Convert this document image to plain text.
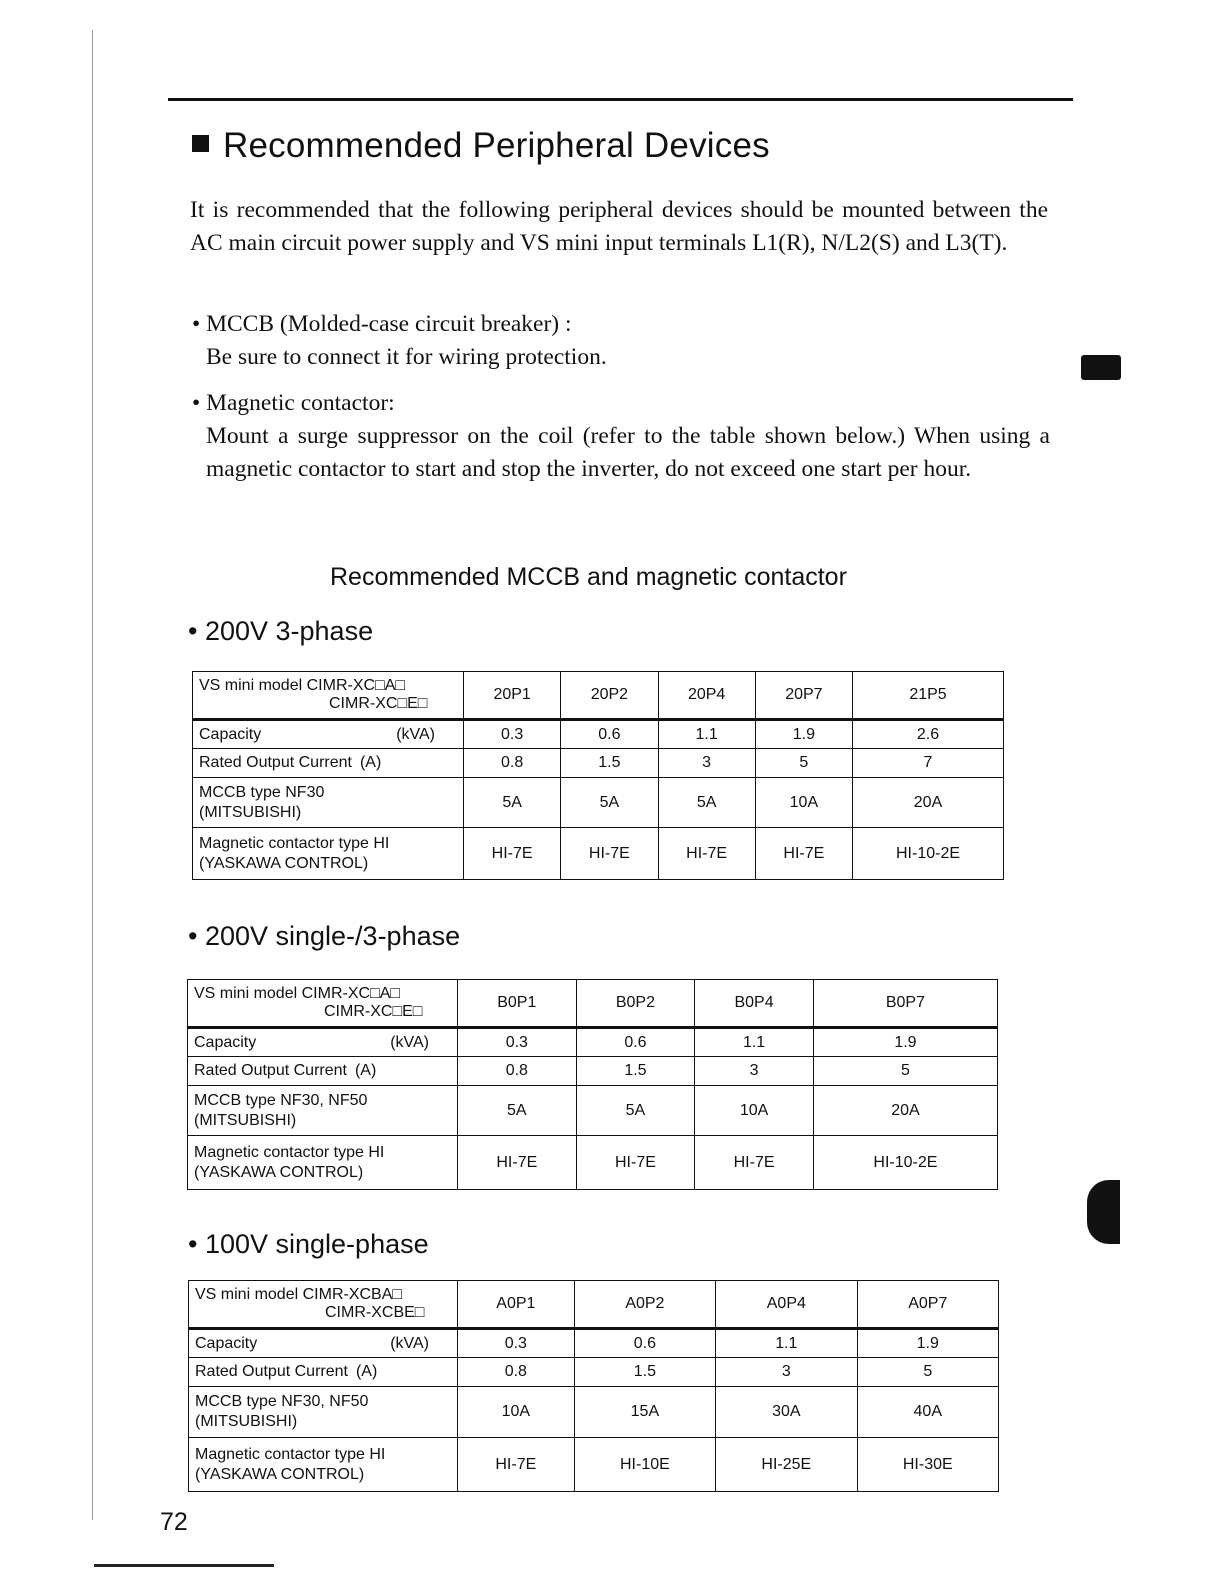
Recommended Peripheral Devices
It is recommended that the following peripheral devices should be mounted between the AC main circuit power supply and VS mini input terminals L1(R), N/L2(S) and L3(T).
• MCCB (Molded-case circuit breaker) :
Be sure to connect it for wiring protection.
• Magnetic contactor:
Mount a surge suppressor on the coil (refer to the table shown below.) When using a magnetic contactor to start and stop the inverter, do not exceed one start per hour.
Recommended MCCB and magnetic contactor
• 200V 3-phase
VS mini model CIMR-XC□A□
CIMR-XC□E□	20P1	20P2	20P4	20P7	21P5
Capacity (kVA)	0.3	0.6	1.1	1.9	2.6
Rated Output Current (A)	0.8	1.5	3	5	7

MCCB type NF30
(MITSUBISHI)	5A	5A	5A	10A	20A

Magnetic contactor type HI
(YASKAWA CONTROL)	HI-7E	HI-7E	HI-7E	HI-7E	HI-10-2E
• 200V single-/3-phase
VS mini model CIMR-XC□A□
CIMR-XC□E□	B0P1	B0P2	B0P4	B0P7
Capacity (kVA)	0.3	0.6	1.1	1.9
Rated Output Current (A)	0.8	1.5	3	5

MCCB type NF30, NF50
(MITSUBISHI)	5A	5A	10A	20A

Magnetic contactor type HI
(YASKAWA CONTROL)	HI-7E	HI-7E	HI-7E	HI-10-2E
• 100V single-phase
VS mini model CIMR-XCBA□
CIMR-XCBE□	A0P1	A0P2	A0P4	A0P7
Capacity (kVA)	0.3	0.6	1.1	1.9
Rated Output Current (A)	0.8	1.5	3	5

MCCB type NF30, NF50
(MITSUBISHI)	10A	15A	30A	40A

Magnetic contactor type HI
(YASKAWA CONTROL)	HI-7E	HI-10E	HI-25E	HI-30E
72
